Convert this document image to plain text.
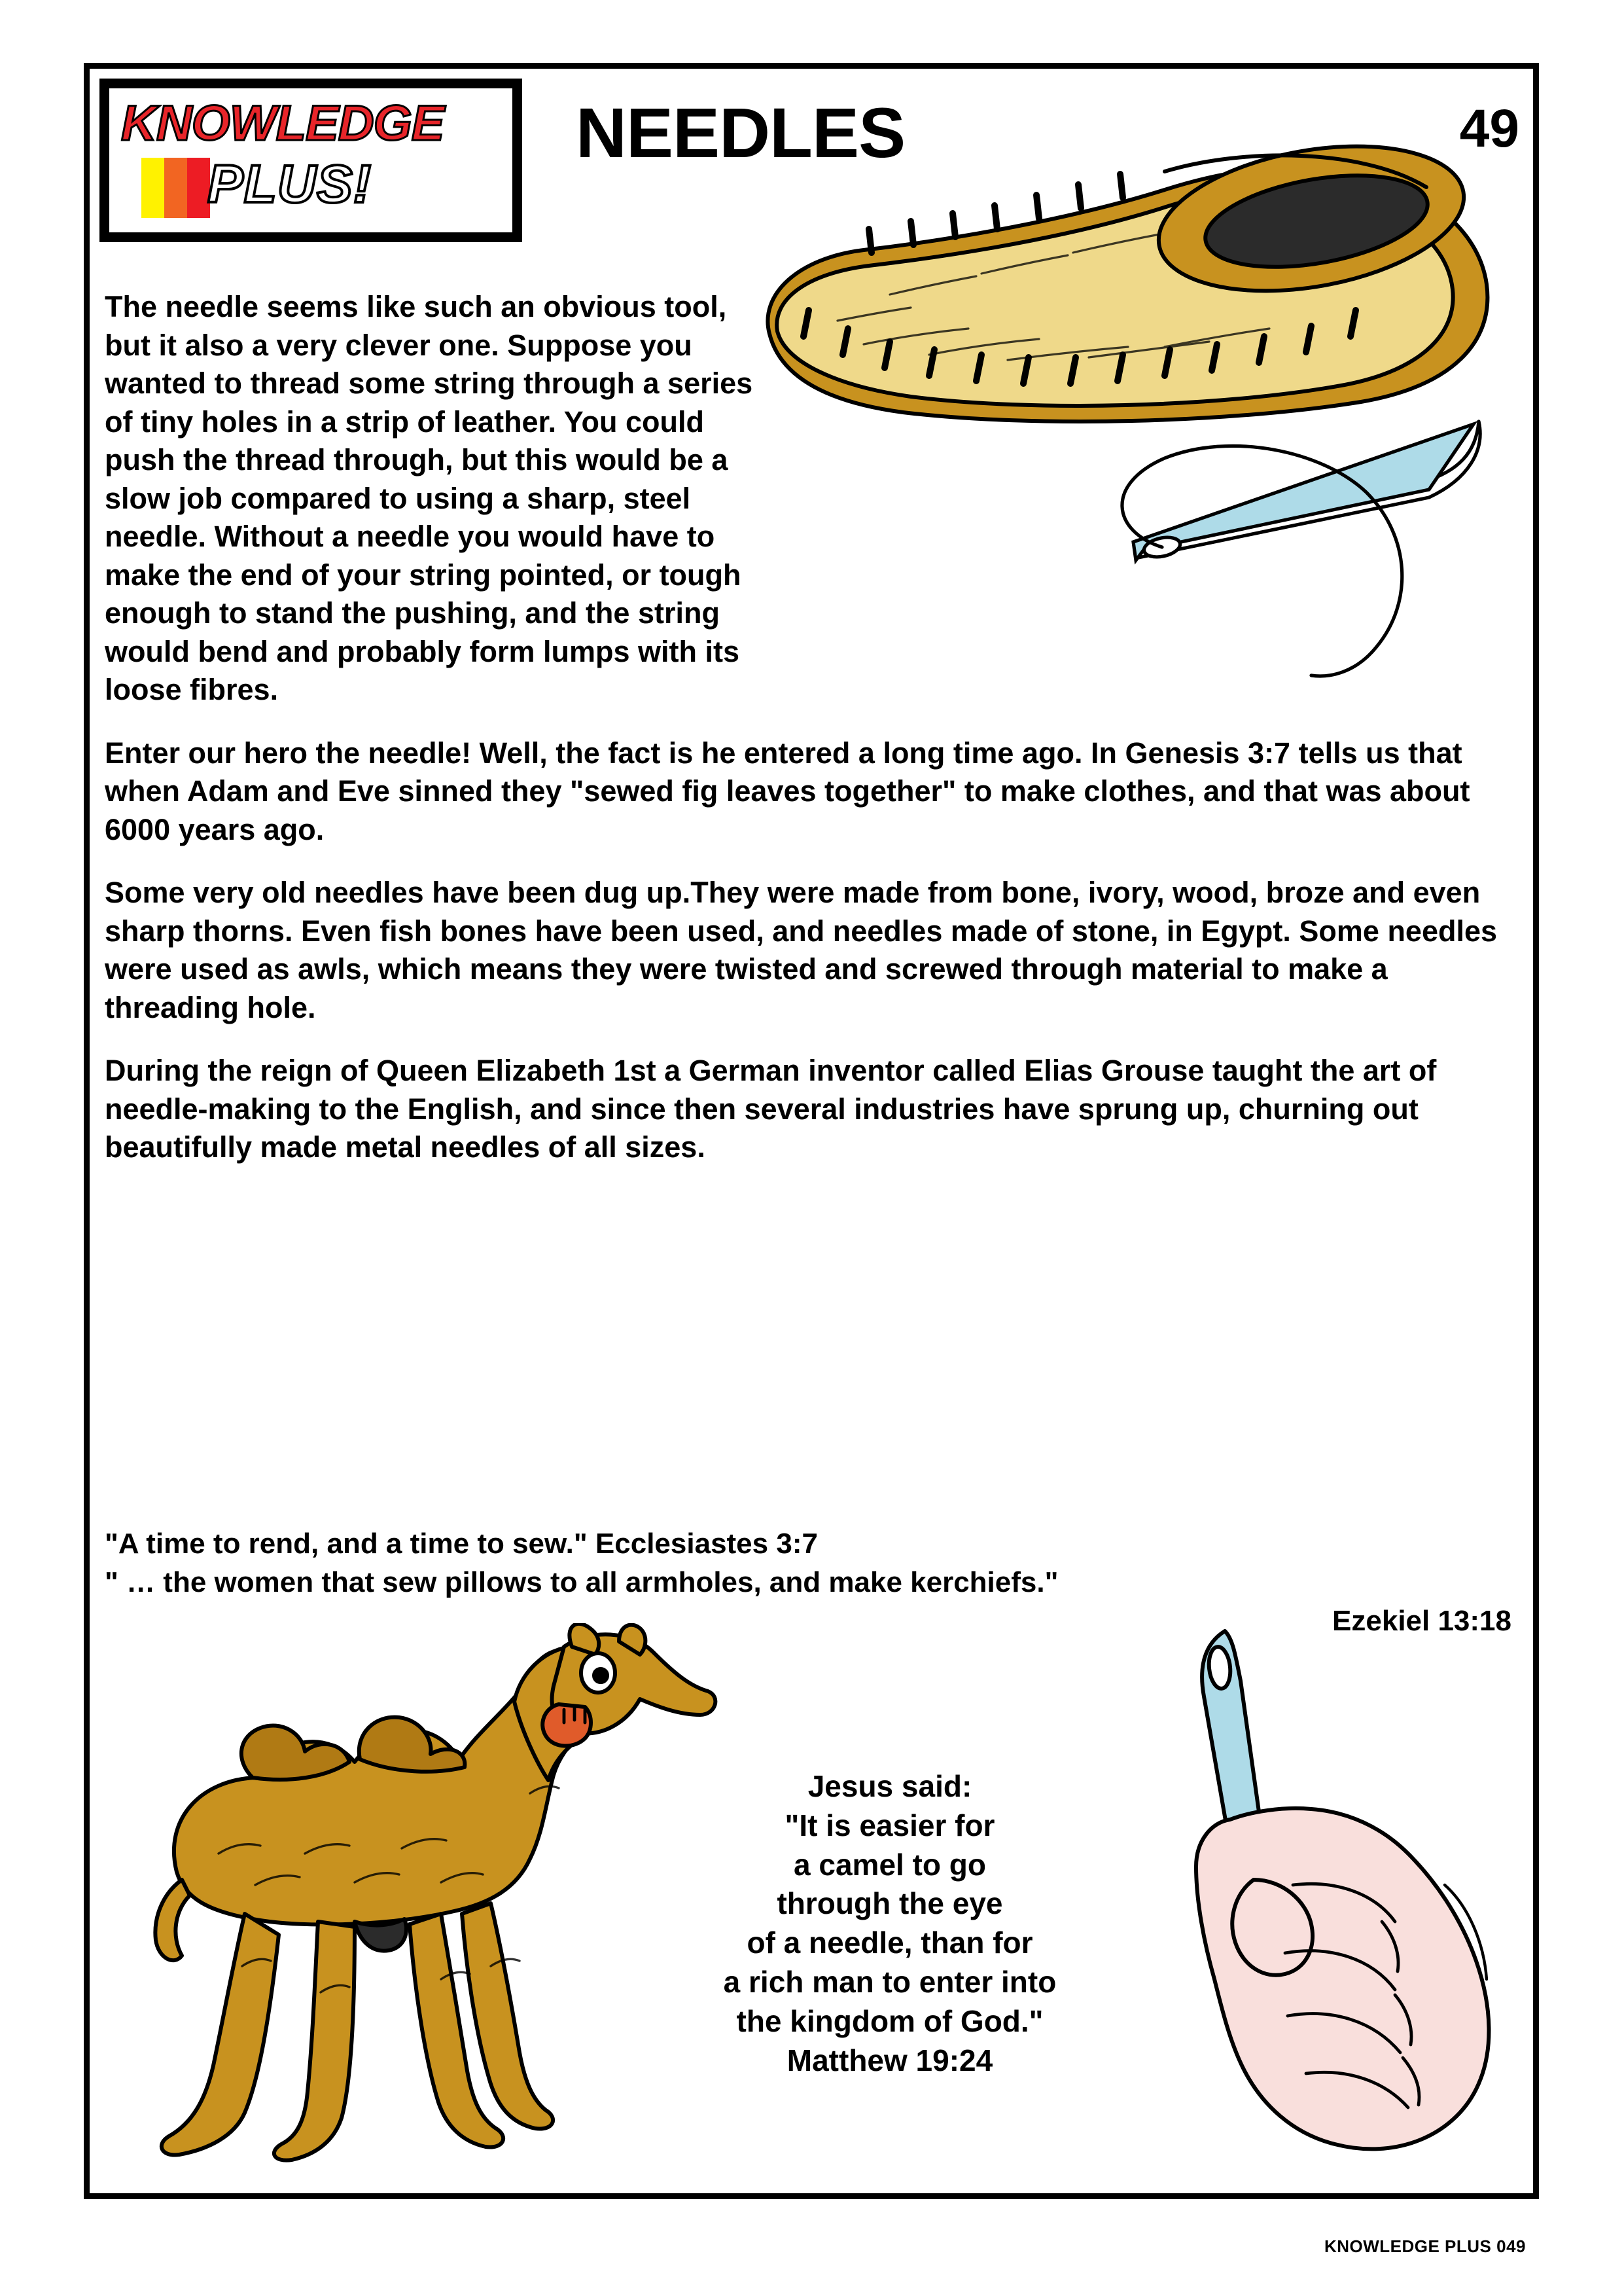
KNOWLEDGE
PLUS!
NEEDLES	49

The needle seems like such an obvious tool, but it also a very clever one. Suppose you wanted to thread some string through a series of tiny holes in a strip of leather. You could push the thread through, but this would be a slow job compared to using a sharp, steel needle. Without a needle you would have to make the end of your string pointed, or tough enough to stand the pushing, and the string would bend and probably form lumps with its loose fibres.

Enter our hero the needle! Well, the fact is he entered a long time ago. In Genesis 3:7 tells us that when Adam and Eve sinned they "sewed fig leaves together" to make clothes, and that was about 6000 years ago.

Some very old needles have been dug up.They were made from bone, ivory, wood, broze and even sharp thorns. Even fish bones have been used, and needles made of stone, in Egypt. Some needles were used as awls, which means they were twisted and screwed through material to make a threading hole.

During the reign of Queen Elizabeth 1st a German inventor called Elias Grouse taught the art of needle-making to the English, and since then several industries have sprung up, churning out beautifully made metal needles of all sizes.

"A time to rend, and a time to sew." Ecclesiastes 3:7
" … the women that sew pillows to all armholes, and make kerchiefs."
Ezekiel 13:18
Jesus said:
"It is easier for
a camel to go
through the eye
of a needle, than for
a rich man to enter into
the kingdom of God."
Matthew 19:24
KNOWLEDGE PLUS 049
